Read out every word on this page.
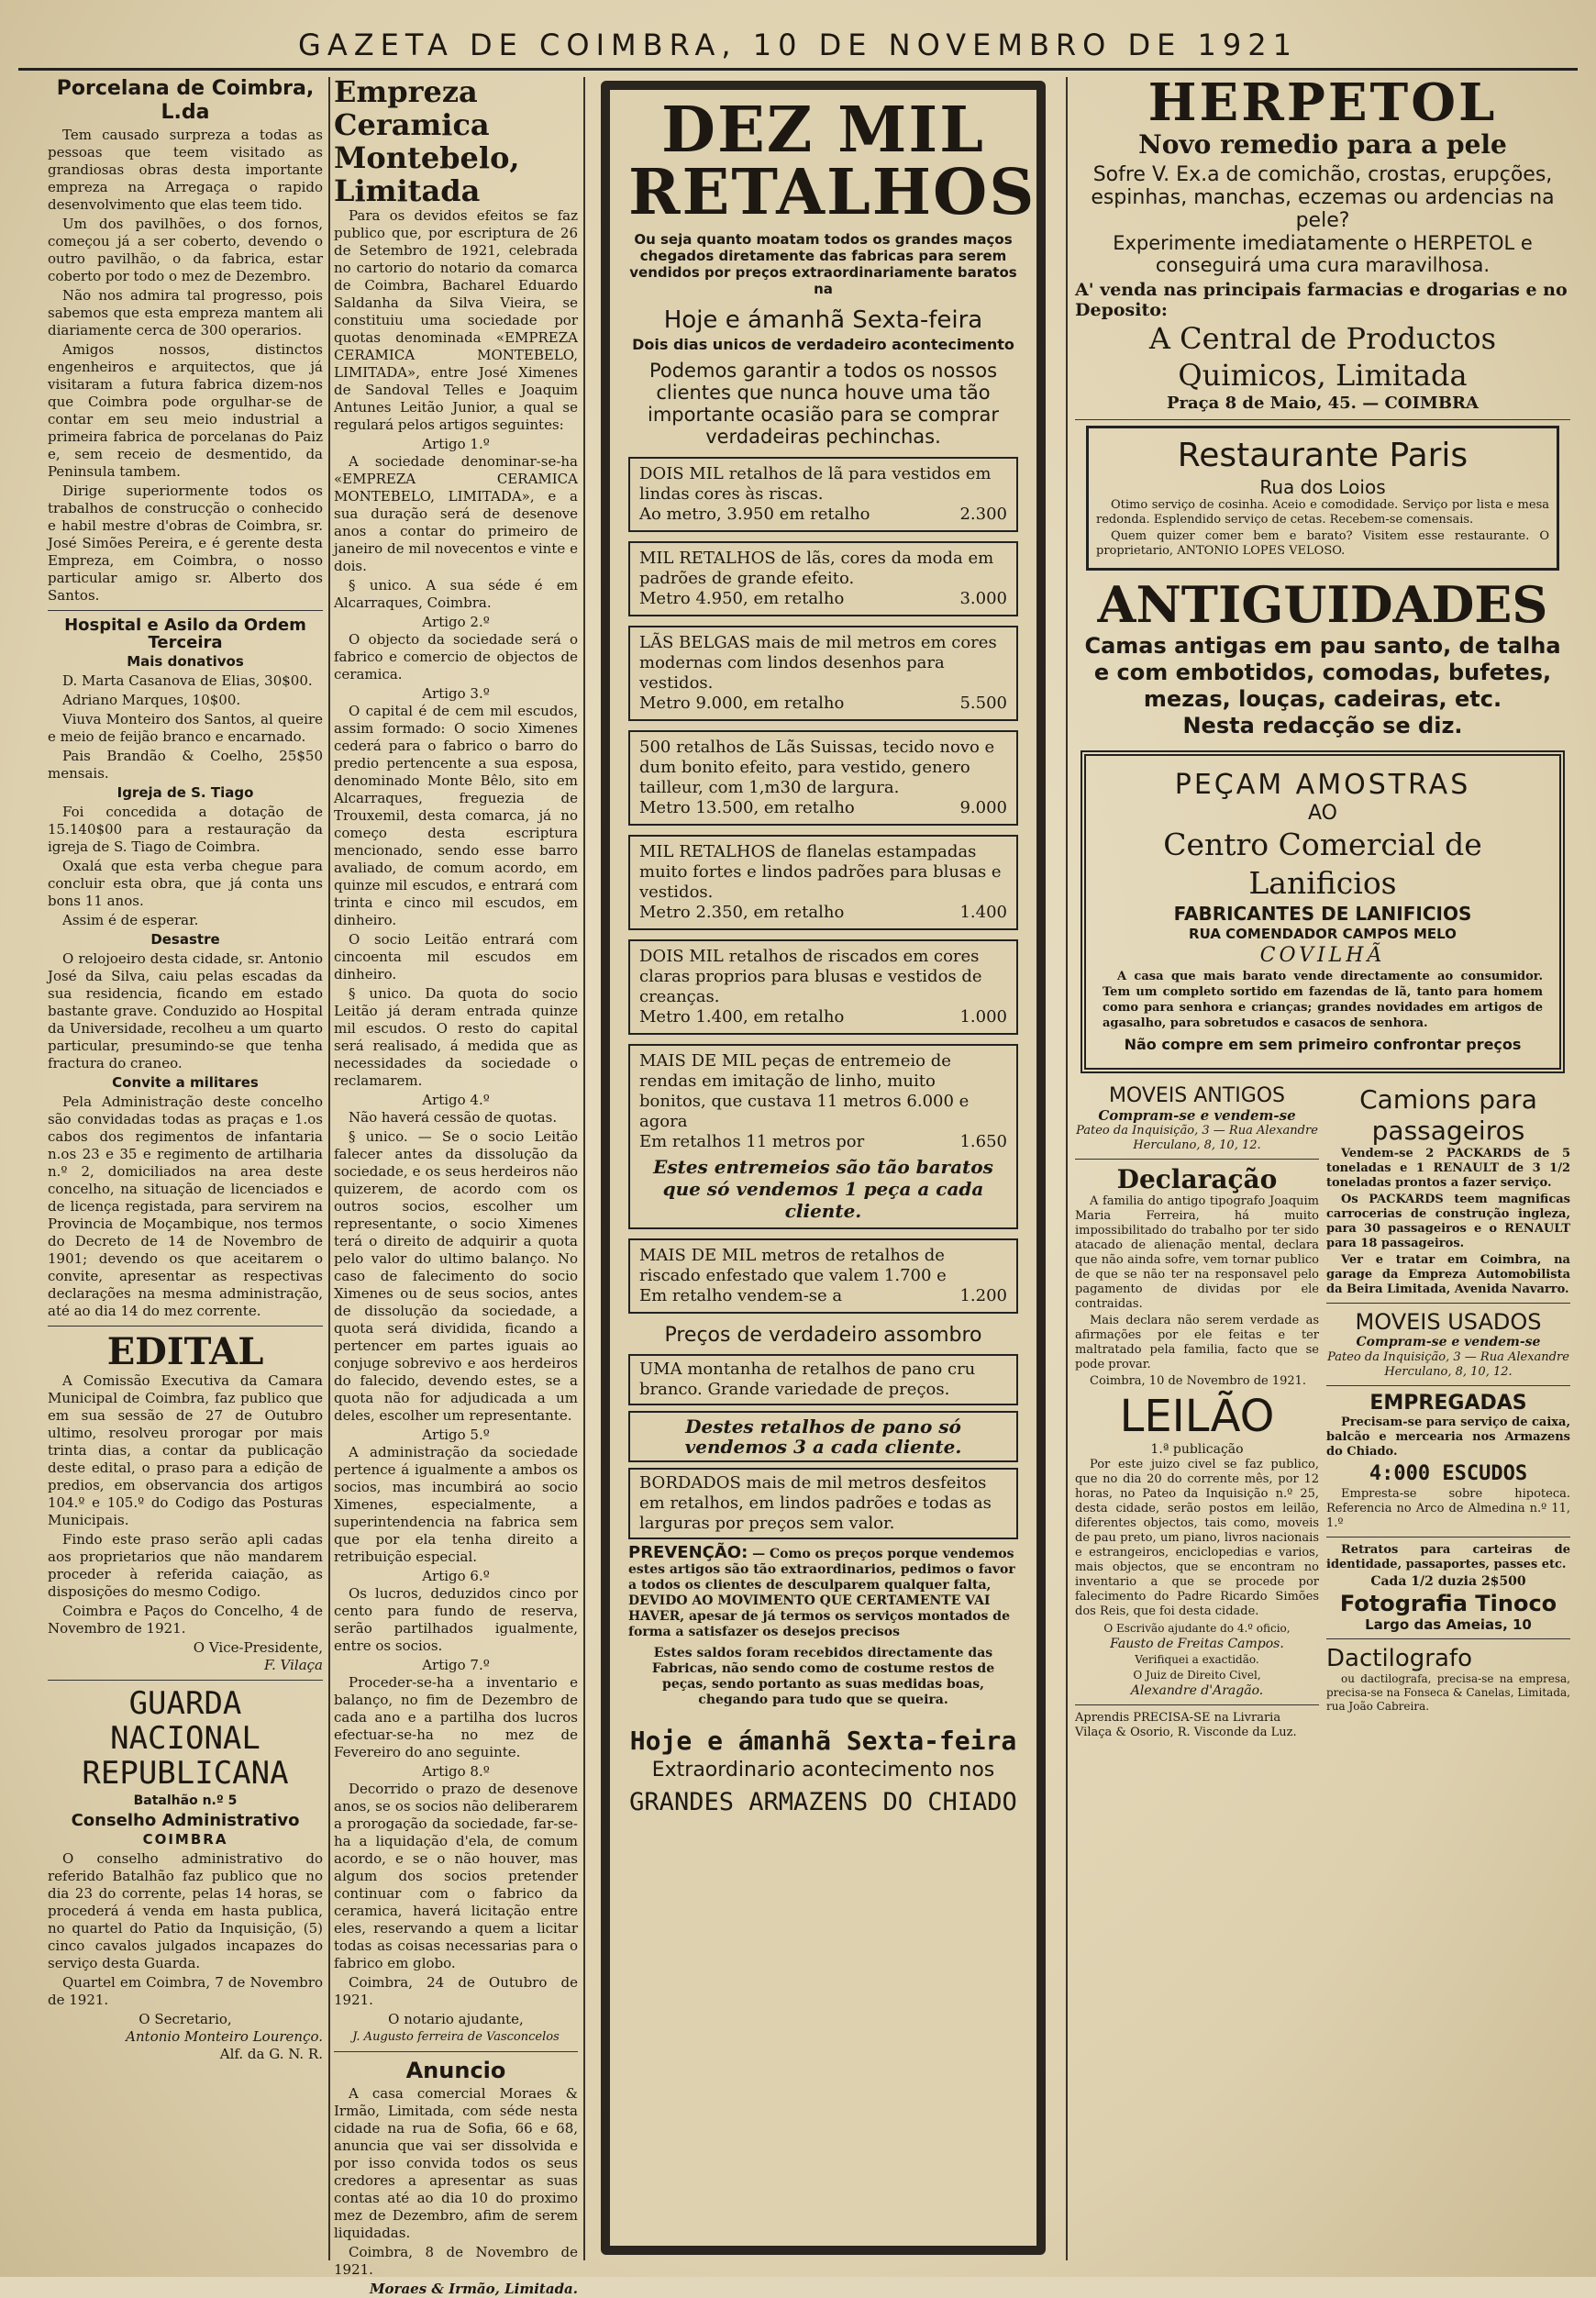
GAZETA DE COIMBRA, 10 DE NOVEMBRO DE 1921
Porcelana de Coimbra, L.da

Tem causado surpreza a todas as pessoas que teem visitado as grandiosas obras desta importante empreza na Arregaça o rapido desenvolvimento que elas teem tido.

Um dos pavilhões, o dos fornos, começou já a ser coberto, devendo o outro pavilhão, o da fabrica, estar coberto por todo o mez de Dezembro.

Não nos admira tal progresso, pois sabemos que esta empreza mantem ali diariamente cerca de 300 operarios.

Amigos nossos, distinctos engenheiros e arquitectos, que já visitaram a futura fabrica dizem-nos que Coimbra pode orgulhar-se de contar em seu meio industrial a primeira fabrica de porcelanas do Paiz e, sem receio de desmentido, da Peninsula tambem.

Dirige superiormente todos os trabalhos de construcção o conhecido e habil mestre d'obras de Coimbra, sr. José Simões Pereira, e é gerente desta Empreza, em Coimbra, o nosso particular amigo sr. Alberto dos Santos.

Hospital e Asilo da Ordem Terceira
Mais donativos

D. Marta Casanova de Elias, 30$00.

Adriano Marques, 10$00.

Viuva Monteiro dos Santos, al queire e meio de feijão branco e encarnado.

Pais Brandão & Coelho, 25$50 mensais.

Igreja de S. Tiago

Foi concedida a dotação de 15.140$00 para a restauração da igreja de S. Tiago de Coimbra.

Oxalá que esta verba chegue para concluir esta obra, que já conta uns bons 11 anos.

Assim é de esperar.

Desastre

O relojoeiro desta cidade, sr. Antonio José da Silva, caiu pelas escadas da sua residencia, ficando em estado bastante grave. Conduzido ao Hospital da Universidade, recolheu a um quarto particular, presumindo-se que tenha fractura do craneo.

Convite a militares

Pela Administração deste concelho são convidadas todas as praças e 1.os cabos dos regimentos de infantaria n.os 23 e 35 e regimento de artilharia n.º 2, domiciliados na area deste concelho, na situação de licenciados e de licença registada, para servirem na Provincia de Moçambique, nos termos do Decreto de 14 de Novembro de 1901; devendo os que aceitarem o convite, apresentar as respectivas declarações na mesma administração, até ao dia 14 do mez corrente.

EDITAL

A Comissão Executiva da Camara Municipal de Coimbra, faz publico que em sua sessão de 27 de Outubro ultimo, resolveu prorogar por mais trinta dias, a contar da publicação deste edital, o praso para a edição de predios, em observancia dos artigos 104.º e 105.º do Codigo das Posturas Municipais.

Findo este praso serão apli cadas aos proprietarios que não mandarem proceder à referida caiação, as disposições do mesmo Codigo.

Coimbra e Paços do Concelho, 4 de Novembro de 1921.

O Vice-Presidente,
F. Vilaça
GUARDA NACIONAL REPUBLICANA
Batalhão n.º 5
Conselho Administrativo
COIMBRA

O conselho administrativo do referido Batalhão faz publico que no dia 23 do corrente, pelas 14 horas, se procederá á venda em hasta publica, no quartel do Patio da Inquisição, (5) cinco cavalos julgados incapazes do serviço desta Guarda.

Quartel em Coimbra, 7 de Novembro de 1921.

O Secretario,
Antonio Monteiro Lourenço.
Alf. da G. N. R.
Empreza Ceramica Montebelo, Limitada

Para os devidos efeitos se faz publico que, por escriptura de 26 de Setembro de 1921, celebrada no cartorio do notario da comarca de Coimbra, Bacharel Eduardo Saldanha da Silva Vieira, se constituiu uma sociedade por quotas denominada «EMPREZA CERAMICA MONTEBELO, LIMITADA», entre José Ximenes de Sandoval Telles e Joaquim Antunes Leitão Junior, a qual se regulará pelos artigos seguintes:

Artigo 1.º

A sociedade denominar-se-ha «EMPREZA CERAMICA MONTEBELO, LIMITADA», e a sua duração será de desenove anos a contar do primeiro de janeiro de mil novecentos e vinte e dois.

§ unico. A sua séde é em Alcarraques, Coimbra.

Artigo 2.º

O objecto da sociedade será o fabrico e comercio de objectos de ceramica.

Artigo 3.º

O capital é de cem mil escudos, assim formado: O socio Ximenes cederá para o fabrico o barro do predio pertencente a sua esposa, denominado Monte Bêlo, sito em Alcarraques, freguezia de Trouxemil, desta comarca, já no começo desta escriptura mencionado, sendo esse barro avaliado, de comum acordo, em quinze mil escudos, e entrará com trinta e cinco mil escudos, em dinheiro.

O socio Leitão entrará com cincoenta mil escudos em dinheiro.

§ unico. Da quota do socio Leitão já deram entrada quinze mil escudos. O resto do capital será realisado, á medida que as necessidades da sociedade o reclamarem.

Artigo 4.º

Não haverá cessão de quotas.

§ unico. — Se o socio Leitão falecer antes da dissolução da sociedade, e os seus herdeiros não quizerem, de acordo com os outros socios, escolher um representante, o socio Ximenes terá o direito de adquirir a quota pelo valor do ultimo balanço. No caso de falecimento do socio Ximenes ou de seus socios, antes de dissolução da sociedade, a quota será dividida, ficando a pertencer em partes iguais ao conjuge sobrevivo e aos herdeiros do falecido, devendo estes, se a quota não for adjudicada a um deles, escolher um representante.

Artigo 5.º

A administração da sociedade pertence á igualmente a ambos os socios, mas incumbirá ao socio Ximenes, especialmente, a superintendencia na fabrica sem que por ela tenha direito a retribuição especial.

Artigo 6.º

Os lucros, deduzidos cinco por cento para fundo de reserva, serão partilhados igualmente, entre os socios.

Artigo 7.º

Proceder-se-ha a inventario e balanço, no fim de Dezembro de cada ano e a partilha dos lucros efectuar-se-ha no mez de Fevereiro do ano seguinte.

Artigo 8.º

Decorrido o prazo de desenove anos, se os socios não deliberarem a prorogação da sociedade, far-se-ha a liquidação d'ela, de comum acordo, e se o não houver, mas algum dos socios pretender continuar com o fabrico da ceramica, haverá licitação entre eles, reservando a quem a licitar todas as coisas necessarias para o fabrico em globo.

Coimbra, 24 de Outubro de 1921.

O notario ajudante,
J. Augusto ferreira de Vasconcelos
Anuncio

A casa comercial Moraes & Irmão, Limitada, com séde nesta cidade na rua de Sofia, 66 e 68, anuncia que vai ser dissolvida e por isso convida todos os seus credores a apresentar as suas contas até ao dia 10 do proximo mez de Dezembro, afim de serem liquidadas.

Coimbra, 8 de Novembro de 1921.

Moraes & Irmão, Limitada.
DEZ MIL
RETALHOS
Ou seja quanto moatam todos os grandes maços chegados diretamente das fabricas para serem vendidos por preços extraordinariamente baratos na
Hoje e ámanhã Sexta-feira
Dois dias unicos de verdadeiro acontecimento
Podemos garantir a todos os nossos clientes que nunca houve uma tão importante ocasião para se comprar verdadeiras pechinchas.
DOIS MIL retalhos de lã para vestidos em lindas cores às riscas.
Ao metro, 3.950 em retalho	2.300
MIL RETALHOS de lãs, cores da moda em padrões de grande efeito.
Metro 4.950, em retalho	3.000
LÃS BELGAS mais de mil metros em cores modernas com lindos desenhos para vestidos.
Metro 9.000, em retalho	5.500
500 retalhos de Lãs Suissas, tecido novo e dum bonito efeito, para vestido, genero tailleur, com 1,m30 de largura.
Metro 13.500, em retalho	9.000
MIL RETALHOS de flanelas estampadas muito fortes e lindos padrões para blusas e vestidos.
Metro 2.350, em retalho	1.400
DOIS MIL retalhos de riscados em cores claras proprios para blusas e vestidos de creanças.
Metro 1.400, em retalho	1.000
MAIS DE MIL peças de entremeio de rendas em imitação de linho, muito bonitos, que custava 11 metros 6.000 e agora
Em retalhos 11 metros por	1.650
Estes entremeios são tão baratos que só vendemos 1 peça a cada cliente.
MAIS DE MIL metros de retalhos de riscado enfestado que valem 1.700 e
Em retalho vendem-se a	1.200
Preços de verdadeiro assombro
UMA montanha de retalhos de pano cru branco. Grande variedade de preços.
Destes retalhos de pano só vendemos 3 a cada cliente.
BORDADOS mais de mil metros desfeitos em retalhos, em lindos padrões e todas as larguras por preços sem valor.
PREVENÇÃO: — Como os preços porque vendemos estes artigos são tão extraordinarios, pedimos o favor a todos os clientes de desculparem qualquer falta, DEVIDO AO MOVIMENTO QUE CERTAMENTE VAI HAVER, apesar de já termos os serviços montados de forma a satisfazer os desejos precisos
Estes saldos foram recebidos directamente das Fabricas, não sendo como de costume restos de peças, sendo portanto as suas medidas boas, chegando para tudo que se queira.
Hoje e ámanhã Sexta-feira
Extraordinario acontecimento nos
GRANDES ARMAZENS DO CHIADO
HERPETOL
Novo remedio para a pele
Sofre V. Ex.a de comichão, crostas, erupções, espinhas, manchas, eczemas ou ardencias na pele?
Experimente imediatamente o HERPETOL e conseguirá uma cura maravilhosa.
A' venda nas principais farmacias e drogarias e no Deposito:
A Central de Productos Quimicos, Limitada
Praça 8 de Maio, 45. — COIMBRA
Restaurante Paris
Rua dos Loios

Otimo serviço de cosinha. Aceio e comodidade. Serviço por lista e mesa redonda. Esplendido serviço de cetas. Recebem-se comensais.

Quem quizer comer bem e barato? Visitem esse restaurante. O proprietario, ANTONIO LOPES VELOSO.

ANTIGUIDADES
Camas antigas em pau santo, de talha e com embotidos, comodas, bufetes, mezas, louças, cadeiras, etc.
Nesta redacção se diz.
PEÇAM AMOSTRAS
AO
Centro Comercial de Lanificios
FABRICANTES DE LANIFICIOS
RUA COMENDADOR CAMPOS MELO
COVILHÃ

A casa que mais barato vende directamente ao consumidor. Tem um completo sortido em fazendas de lã, tanto para homem como para senhora e crianças; grandes novidades em artigos de agasalho, para sobretudos e casacos de senhora.

Não compre em sem primeiro confrontar preços
MOVEIS ANTIGOS
Compram-se e vendem-se
Pateo da Inquisição, 3 — Rua Alexandre Herculano, 8, 10, 12.
Declaração

A familia do antigo tipografo Joaquim Maria Ferreira, há muito impossibilitado do trabalho por ter sido atacado de alienação mental, declara que não ainda sofre, vem tornar publico de que se não ter na responsavel pelo pagamento de dividas por ele contraidas.

Mais declara não serem verdade as afirmações por ele feitas e ter maltratado pela familia, facto que se pode provar.

Coimbra, 10 de Novembro de 1921.

LEILÃO
1.ª publicação

Por este juizo civel se faz publico, que no dia 20 do corrente mês, por 12 horas, no Pateo da Inquisição n.º 25, desta cidade, serão postos em leilão, diferentes objectos, tais como, moveis de pau preto, um piano, livros nacionais e estrangeiros, enciclopedias e varios, mais objectos, que se encontram no inventario a que se procede por falecimento do Padre Ricardo Simões dos Reis, que foi desta cidade.

O Escrivão ajudante do 4.º oficio,
Fausto de Freitas Campos.
Verifiquei a exactidão.
O Juiz de Direito Civel,
Alexandre d'Aragão.
Aprendis PRECISA-SE na Livraria Vilaça & Osorio, R. Visconde da Luz.
Camions para passageiros

Vendem-se 2 PACKARDS de 5 toneladas e 1 RENAULT de 3 1/2 toneladas prontos a fazer serviço.

Os PACKARDS teem magnificas carrocerias de construção ingleza, para 30 passageiros e o RENAULT para 18 passageiros.

Ver e tratar em Coimbra, na garage da Empreza Automobilista da Beira Limitada, Avenida Navarro.

MOVEIS USADOS
Compram-se e vendem-se
Pateo da Inquisição, 3 — Rua Alexandre Herculano, 8, 10, 12.
EMPREGADAS

Precisam-se para serviço de caixa, balcão e mercearia nos Armazens do Chiado.

4:000 ESCUDOS

Empresta-se sobre hipoteca. Referencia no Arco de Almedina n.º 11, 1.º

Retratos para carteiras de identidade, passaportes, passes etc.

Cada 1/2 duzia 2$500
Fotografia Tinoco
Largo das Ameias, 10
Dactilografo

ou dactilografa, precisa-se na empresa, precisa-se na Fonseca & Canelas, Limitada, rua João Cabreira.
